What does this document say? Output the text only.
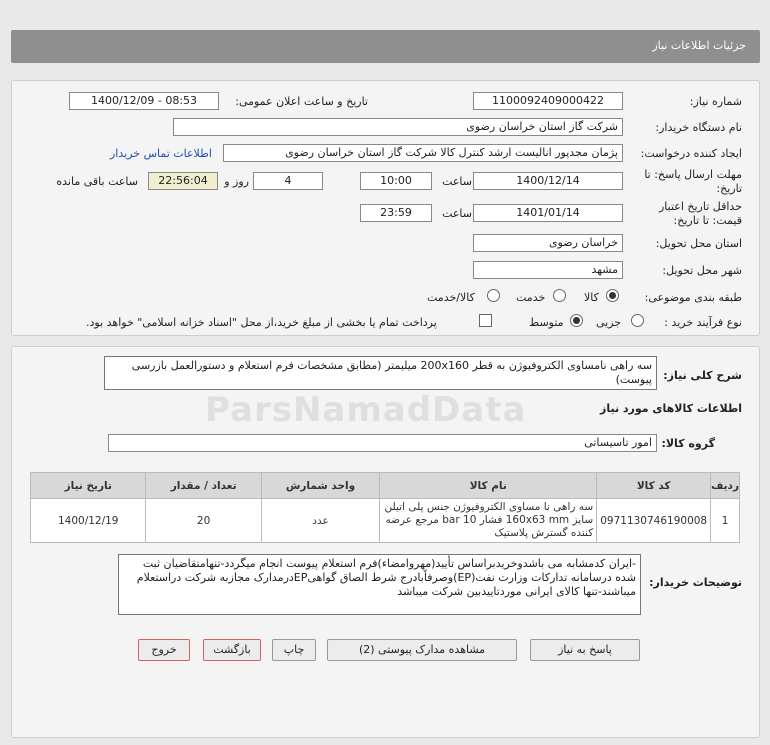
جزئیات اطلاعات نیاز
شماره نیاز:
1100092409000422
تاریخ و ساعت اعلان عمومی:
1400/12/09 - 08:53
نام دستگاه خریدار:
شرکت گاز استان خراسان رضوی
ایجاد کننده درخواست:
پژمان مجدپور انالیست ارشد کنترل کالا شرکت گاز استان خراسان رضوی
اطلاعات تماس خریدار
مهلت ارسال پاسخ: تا
تاریخ:
1400/12/14
ساعت
10:00
4
روز و
22:56:04
ساعت باقی مانده
حداقل تاریخ اعتبار
قیمت: تا تاریخ:
1401/01/14
ساعت
23:59
استان محل تحویل:
خراسان رضوی
شهر محل تحویل:
مشهد
طبقه بندی موضوعی:
کالا
خدمت
کالا/خدمت
نوع فرآیند خرید :
جزیی
متوسط
پرداخت تمام یا بخشی از مبلغ خرید،از محل "اسناد خزانه اسلامی" خواهد بود.
ParsNamadData
شرح کلی نیاز:
سه راهی نامساوی الکتروفیوژن به قطر 200x160 میلیمتر (مطابق مشخصات فرم استعلام و دستورالعمل بازرسی پیوست)
اطلاعات کالاهای مورد نیاز
گروه کالا:
امور تاسیساتی
ردیف	کد کالا	نام کالا	واحد شمارش	تعداد / مقدار	تاریخ نیاز
1	0971130746190008	سه راهی نا مساوی الکتروفیوژن جنس پلی اتیلن سایز 160x63 mm فشار 10 bar مرجع عرضه کننده گسترش پلاستیک	عدد	20	1400/12/19
توضیحات خریدار:
-ایران کدمشابه می باشدوخریدبراساس تأیید(مهروامضاء)فرم استعلام پیوست انجام میگردد-تنهامتقاضیان ثبت شده درسامانه تدارکات وزارت نفت(EP)وصرفاًبادرج شرط الصاق گواهیEPدرمدارک مجازبه شرکت دراستعلام میباشند-تنها کالای ایرانی موردتاییدبین شرکت میباشد
پاسخ به نیاز
مشاهده مدارک پیوستی (2)
چاپ
بازگشت
خروج
